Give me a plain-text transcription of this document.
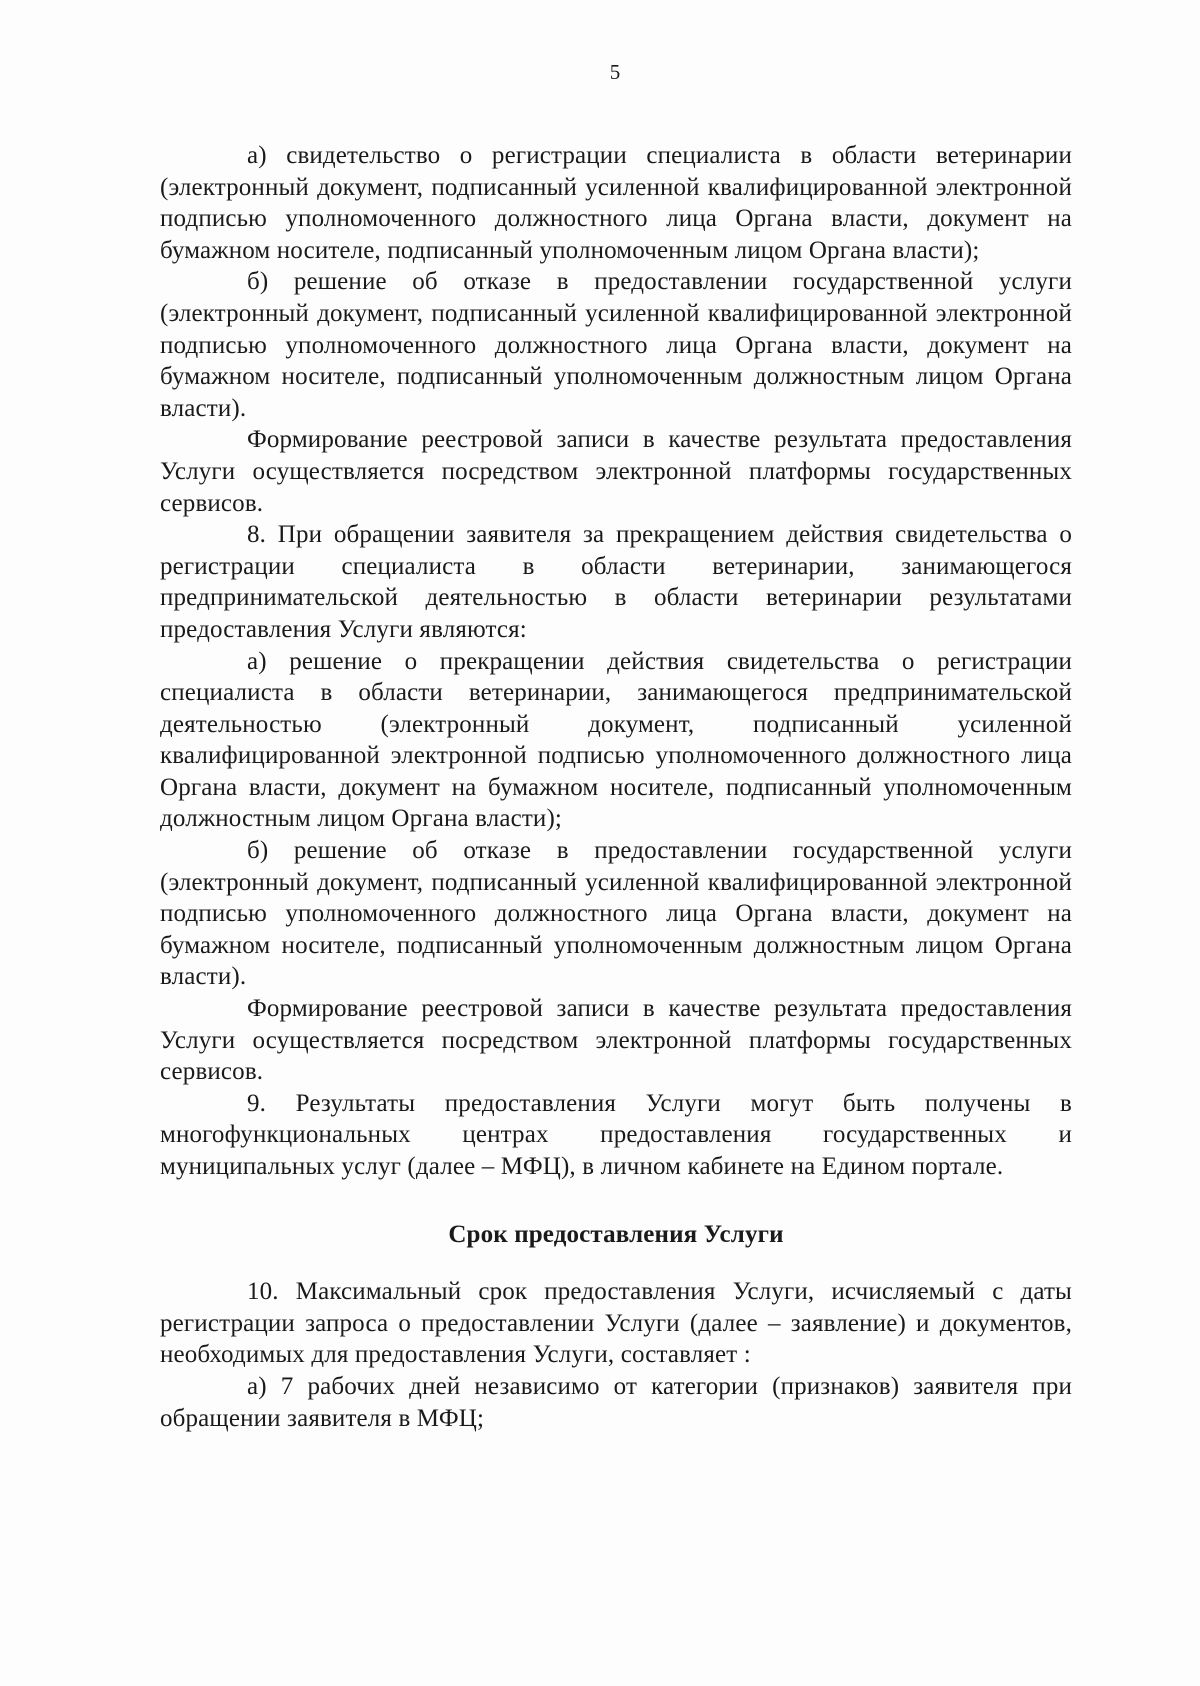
5

а) свидетельство о регистрации специалиста в области ветеринарии (электронный документ, подписанный усиленной квалифицированной электронной подписью уполномоченного должностного лица Органа власти, документ на бумажном носителе, подписанный уполномоченным лицом Органа власти);

б) решение об отказе в предоставлении государственной услуги (электронный документ, подписанный усиленной квалифицированной электронной подписью уполномоченного должностного лица Органа власти, документ на бумажном носителе, подписанный уполномоченным должностным лицом Органа власти).

Формирование реестровой записи в качестве результата предоставления Услуги осуществляется посредством электронной платформы государственных сервисов.

8. При обращении заявителя за прекращением действия свидетельства о регистрации специалиста в области ветеринарии, занимающегося предпринимательской деятельностью в области ветеринарии результатами предоставления Услуги являются:

а) решение о прекращении действия свидетельства о регистрации специалиста в области ветеринарии, занимающегося предпринимательской деятельностью (электронный документ, подписанный усиленной квалифицированной электронной подписью уполномоченного должностного лица Органа власти, документ на бумажном носителе, подписанный уполномоченным должностным лицом Органа власти);

б) решение об отказе в предоставлении государственной услуги (электронный документ, подписанный усиленной квалифицированной электронной подписью уполномоченного должностного лица Органа власти, документ на бумажном носителе, подписанный уполномоченным должностным лицом Органа власти).

Формирование реестровой записи в качестве результата предоставления Услуги осуществляется посредством электронной платформы государственных сервисов.

9. Результаты предоставления Услуги могут быть получены в многофункциональных центрах предоставления государственных и муниципальных услуг (далее – МФЦ), в личном кабинете на Едином портале.

Срок предоставления Услуги

10. Максимальный срок предоставления Услуги, исчисляемый с даты регистрации запроса о предоставлении Услуги (далее – заявление) и документов, необходимых для предоставления Услуги, составляет :

а) 7 рабочих дней независимо от категории (признаков) заявителя при обращении заявителя в МФЦ;
